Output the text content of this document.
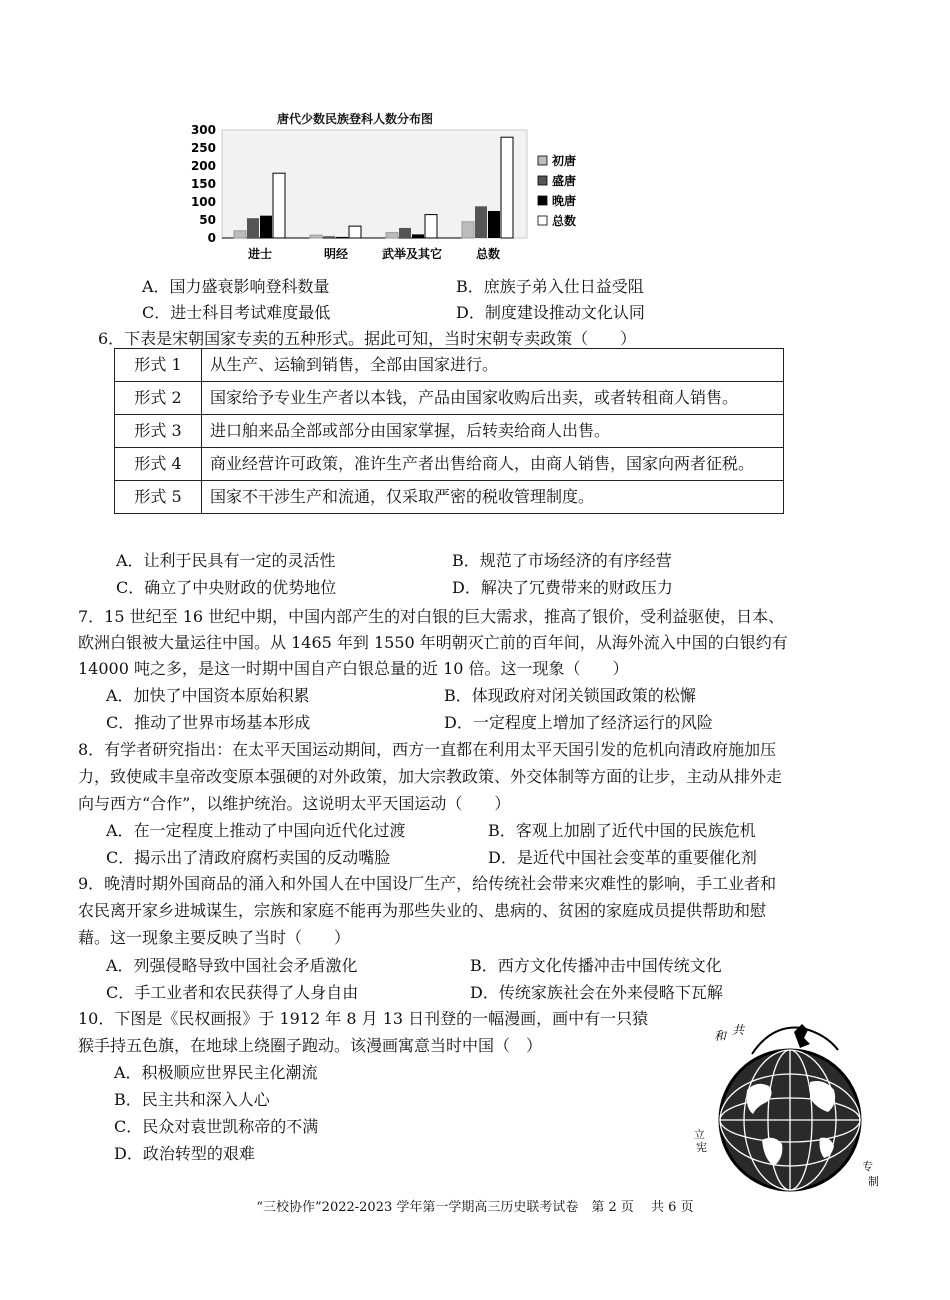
唐代少数民族登科人数分布图
300
250
200
150
100
50
0
进士	明经	武举及其它	总数
初唐
盛唐
晚唐
总数
A．国力盛衰影响登科数量	B．庶族子弟入仕日益受阻
C．进士科目考试难度最低	D．制度建设推动文化认同
6．下表是宋朝国家专卖的五种形式。据此可知，当时宋朝专卖政策（　　）
形式 1	从生产、运输到销售，全部由国家进行。
形式 2	国家给予专业生产者以本钱，产品由国家收购后出卖，或者转租商人销售。
形式 3	进口舶来品全部或部分由国家掌握，后转卖给商人出售。
形式 4	商业经营许可政策，准许生产者出售给商人，由商人销售，国家向两者征税。
形式 5	国家不干涉生产和流通，仅采取严密的税收管理制度。
A．让利于民具有一定的灵活性	B．规范了市场经济的有序经营
C．确立了中央财政的优势地位	D．解决了冗费带来的财政压力
7．15 世纪至 16 世纪中期，中国内部产生的对白银的巨大需求，推高了银价，受利益驱使，日本、
欧洲白银被大量运往中国。从 1465 年到 1550 年明朝灭亡前的百年间，从海外流入中国的白银约有
14000 吨之多，是这一时期中国自产白银总量的近 10 倍。这一现象（　　）
A．加快了中国资本原始积累	B．体现政府对闭关锁国政策的松懈
C．推动了世界市场基本形成	D．一定程度上增加了经济运行的风险
8．有学者研究指出：在太平天国运动期间，西方一直都在利用太平天国引发的危机向清政府施加压
力，致使咸丰皇帝改变原本强硬的对外政策，加大宗教政策、外交体制等方面的让步，主动从排外走
向与西方“合作”，以维护统治。这说明太平天国运动（　　）
A．在一定程度上推动了中国向近代化过渡	B．客观上加剧了近代中国的民族危机
C．揭示出了清政府腐朽卖国的反动嘴脸	D．是近代中国社会变革的重要催化剂
9．晚清时期外国商品的涌入和外国人在中国设厂生产，给传统社会带来灾难性的影响，手工业者和
农民离开家乡进城谋生，宗族和家庭不能再为那些失业的、患病的、贫困的家庭成员提供帮助和慰
藉。这一现象主要反映了当时（　　）
A．列强侵略导致中国社会矛盾激化	B．西方文化传播冲击中国传统文化
C．手工业者和农民获得了人身自由	D．传统家族社会在外来侵略下瓦解
10．下图是《民权画报》于 1912 年 8 月 13 日刊登的一幅漫画，画中有一只猿
猴手持五色旗，在地球上绕圈子跑动。该漫画寓意当时中国（　）
A．积极顺应世界民主化潮流
B．民主共和深入人心
C．民众对袁世凯称帝的不满
D．政治转型的艰难
和 共
立
宪
专
制
“三校协作”2022-2023 学年第一学期高三历史联考试卷　第 2 页　 共 6 页
